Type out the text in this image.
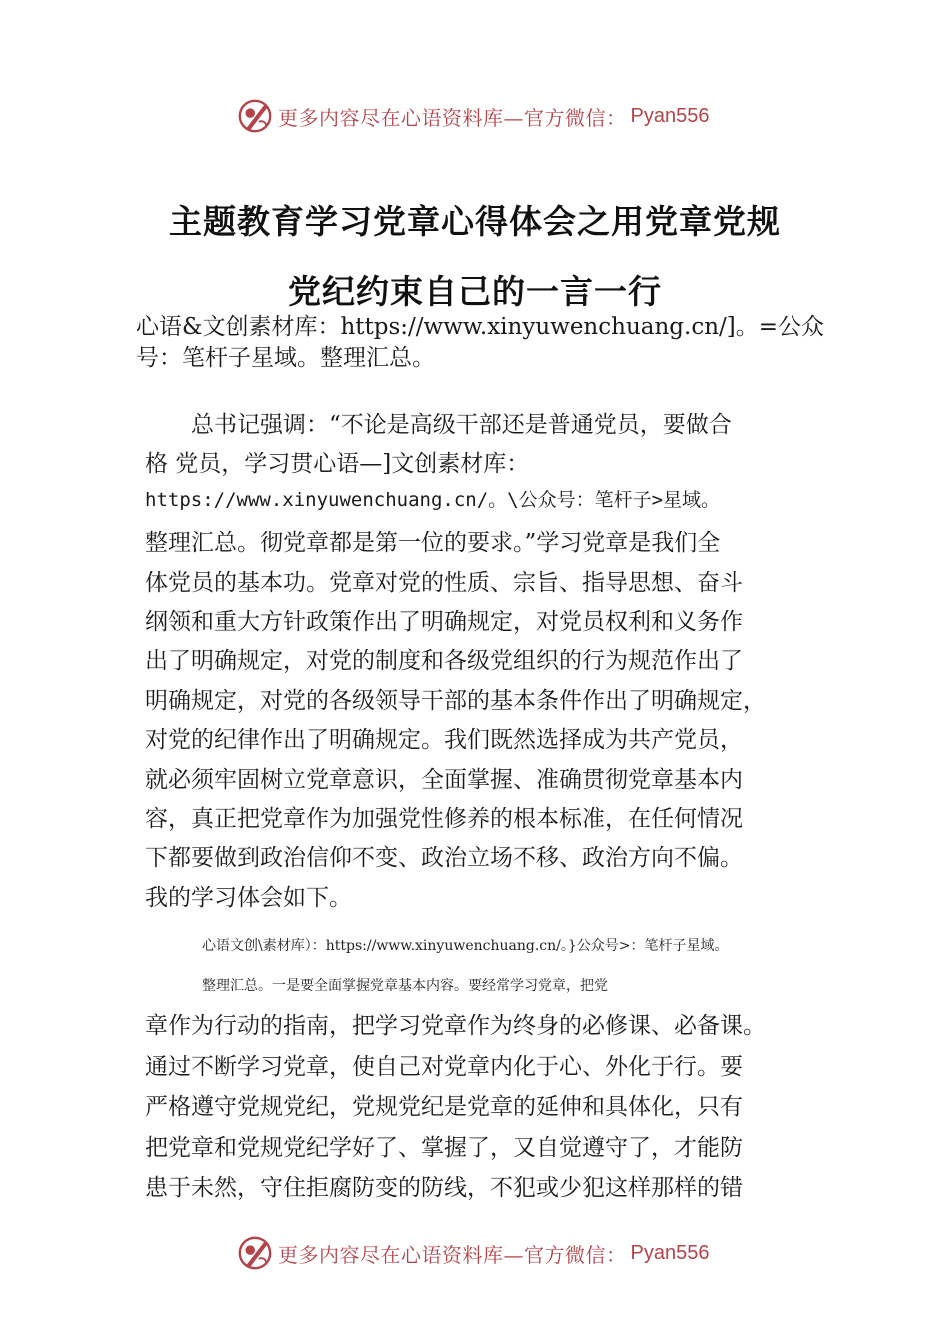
更多内容尽在心语资料库—官方微信： Pyan556
主题教育学习党章心得体会之用党章党规
党纪约束自己的一言一行
心语&文创素材库：https://www.xinyuwenchuang.cn/]。=公众号：笔杆子星域。整理汇总。
　　总书记强调：“不论是高级干部还是普通党员，要做合
格 党员，学习贯心语—]文创素材库：
https://www.xinyuwenchuang.cn/。\公众号：笔杆子>星域。
整理汇总。彻党章都是第一位的要求。”学习党章是我们全
体党员的基本功。党章对党的性质、宗旨、指导思想、奋斗
纲领和重大方针政策作出了明确规定，对党员权利和义务作
出了明确规定，对党的制度和各级党组织的行为规范作出了
明确规定，对党的各级领导干部的基本条件作出了明确规定，
对党的纪律作出了明确规定。我们既然选择成为共产党员，
就必须牢固树立党章意识，全面掌握、准确贯彻党章基本内
容，真正把党章作为加强党性修养的根本标准，在任何情况
下都要做到政治信仰不变、政治立场不移、政治方向不偏。
我的学习体会如下。
心语文创\素材库）：https://www.xinyuwenchuang.cn/。}公众号>：笔杆子星域。
整理汇总。一是要全面掌握党章基本内容。要经常学习党章，把党
章作为行动的指南，把学习党章作为终身的必修课、必备课。
通过不断学习党章，使自己对党章内化于心、外化于行。要
严格遵守党规党纪，党规党纪是党章的延伸和具体化，只有
把党章和党规党纪学好了、掌握了，又自觉遵守了，才能防
患于未然，守住拒腐防变的防线，不犯或少犯这样那样的错
更多内容尽在心语资料库—官方微信： Pyan556
